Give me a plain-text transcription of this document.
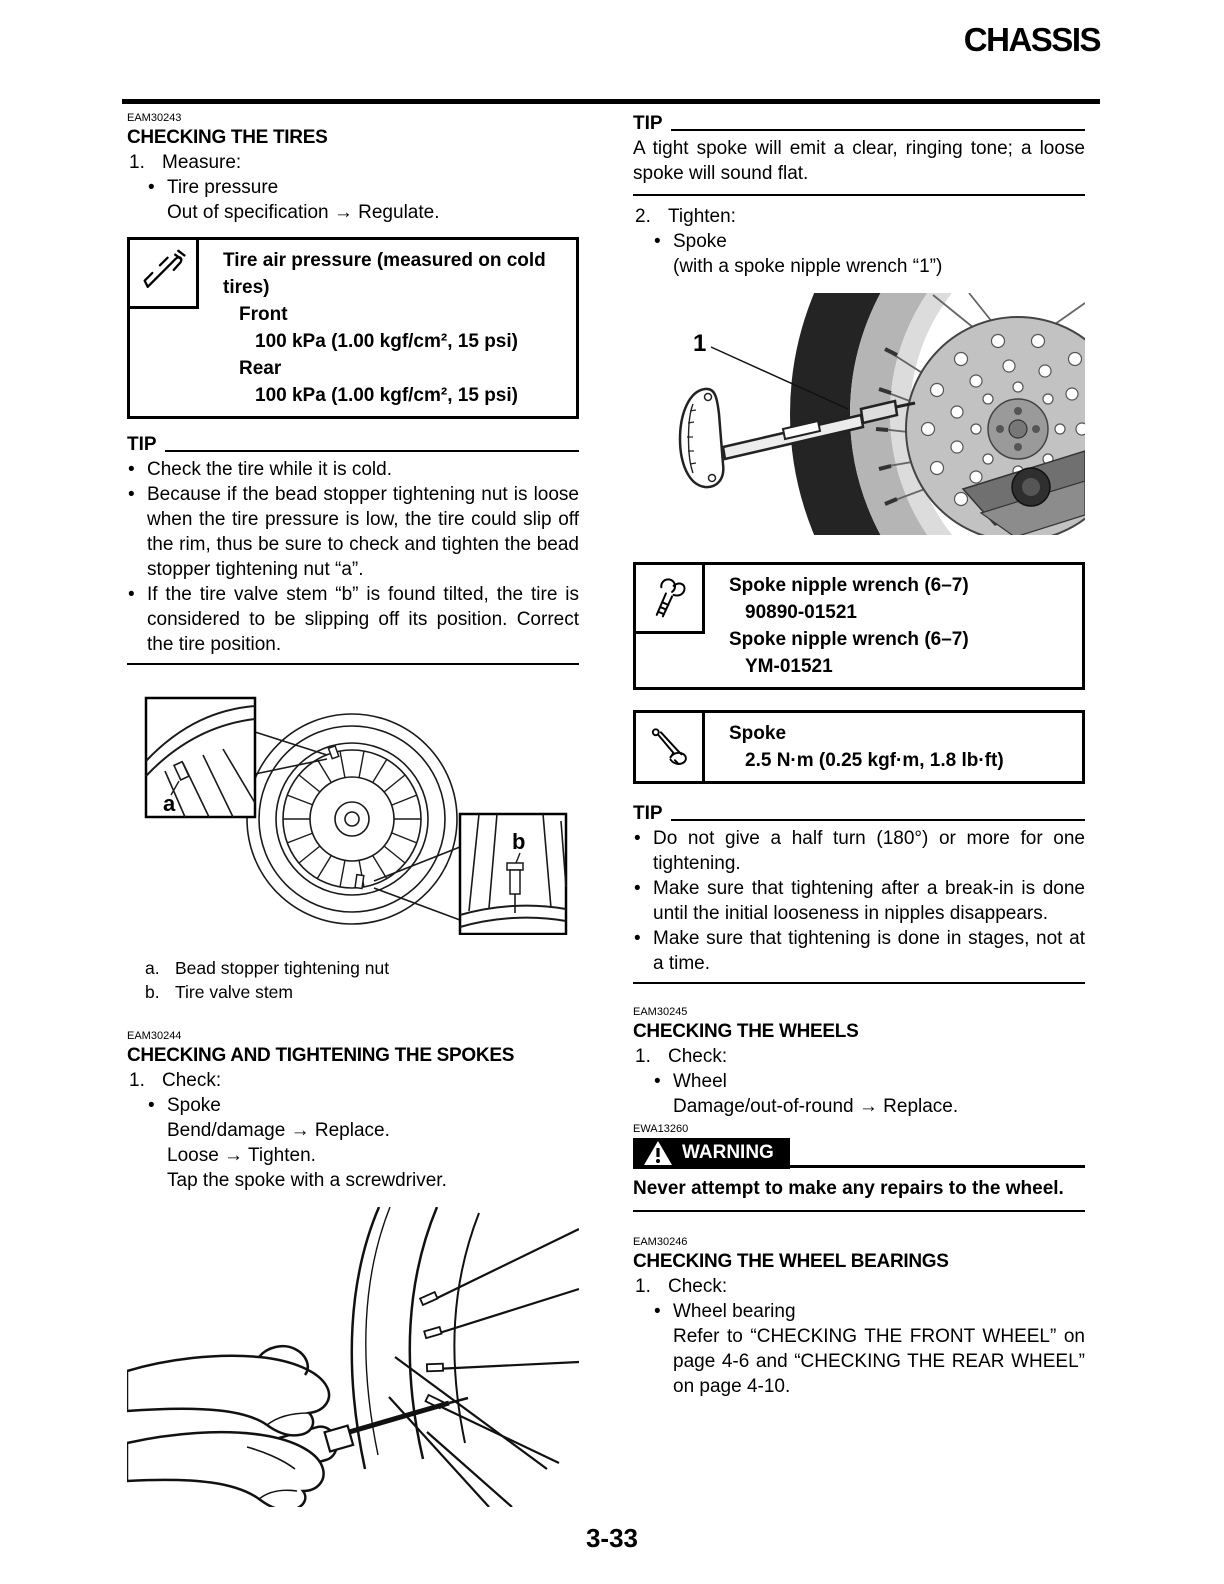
CHASSIS
EAM30243
CHECKING THE TIRES
1. Measure:
• Tire pressure
Out of specification → Regulate.
Tire air pressure (measured on cold tires)
Front
100 kPa (1.00 kgf/cm², 15 psi)
Rear
100 kPa (1.00 kgf/cm², 15 psi)
TIP
• Check the tire while it is cold.
• Because if the bead stopper tightening nut is loose when the tire pressure is low, the tire could slip off the rim, thus be sure to check and tighten the bead stopper tightening nut “a”.
• If the tire valve stem “b” is found tilted, the tire is considered to be slipping off its position. Correct the tire position.
a
b
a. Bead stopper tightening nut
b. Tire valve stem
EAM30244
CHECKING AND TIGHTENING THE SPOKES
1. Check:
• Spoke
Bend/damage → Replace.
Loose → Tighten.
Tap the spoke with a screwdriver.
TIP
A tight spoke will emit a clear, ringing tone; a loose spoke will sound flat.
2. Tighten:
• Spoke
(with a spoke nipple wrench “1”)
1
Spoke nipple wrench (6–7)
90890-01521
Spoke nipple wrench (6–7)
YM-01521
Spoke
2.5 N·m (0.25 kgf·m, 1.8 lb·ft)
TIP
• Do not give a half turn (180°) or more for one tightening.
• Make sure that tightening after a break-in is done until the initial looseness in nipples disappears.
• Make sure that tightening is done in stages, not at a time.
EAM30245
CHECKING THE WHEELS
1. Check:
• Wheel
Damage/out-of-round → Replace.
EWA13260
WARNING
Never attempt to make any repairs to the wheel.
EAM30246
CHECKING THE WHEEL BEARINGS
1. Check:
• Wheel bearing
Refer to “CHECKING THE FRONT WHEEL” on page 4-6 and “CHECKING THE REAR WHEEL” on page 4-10.
3-33
